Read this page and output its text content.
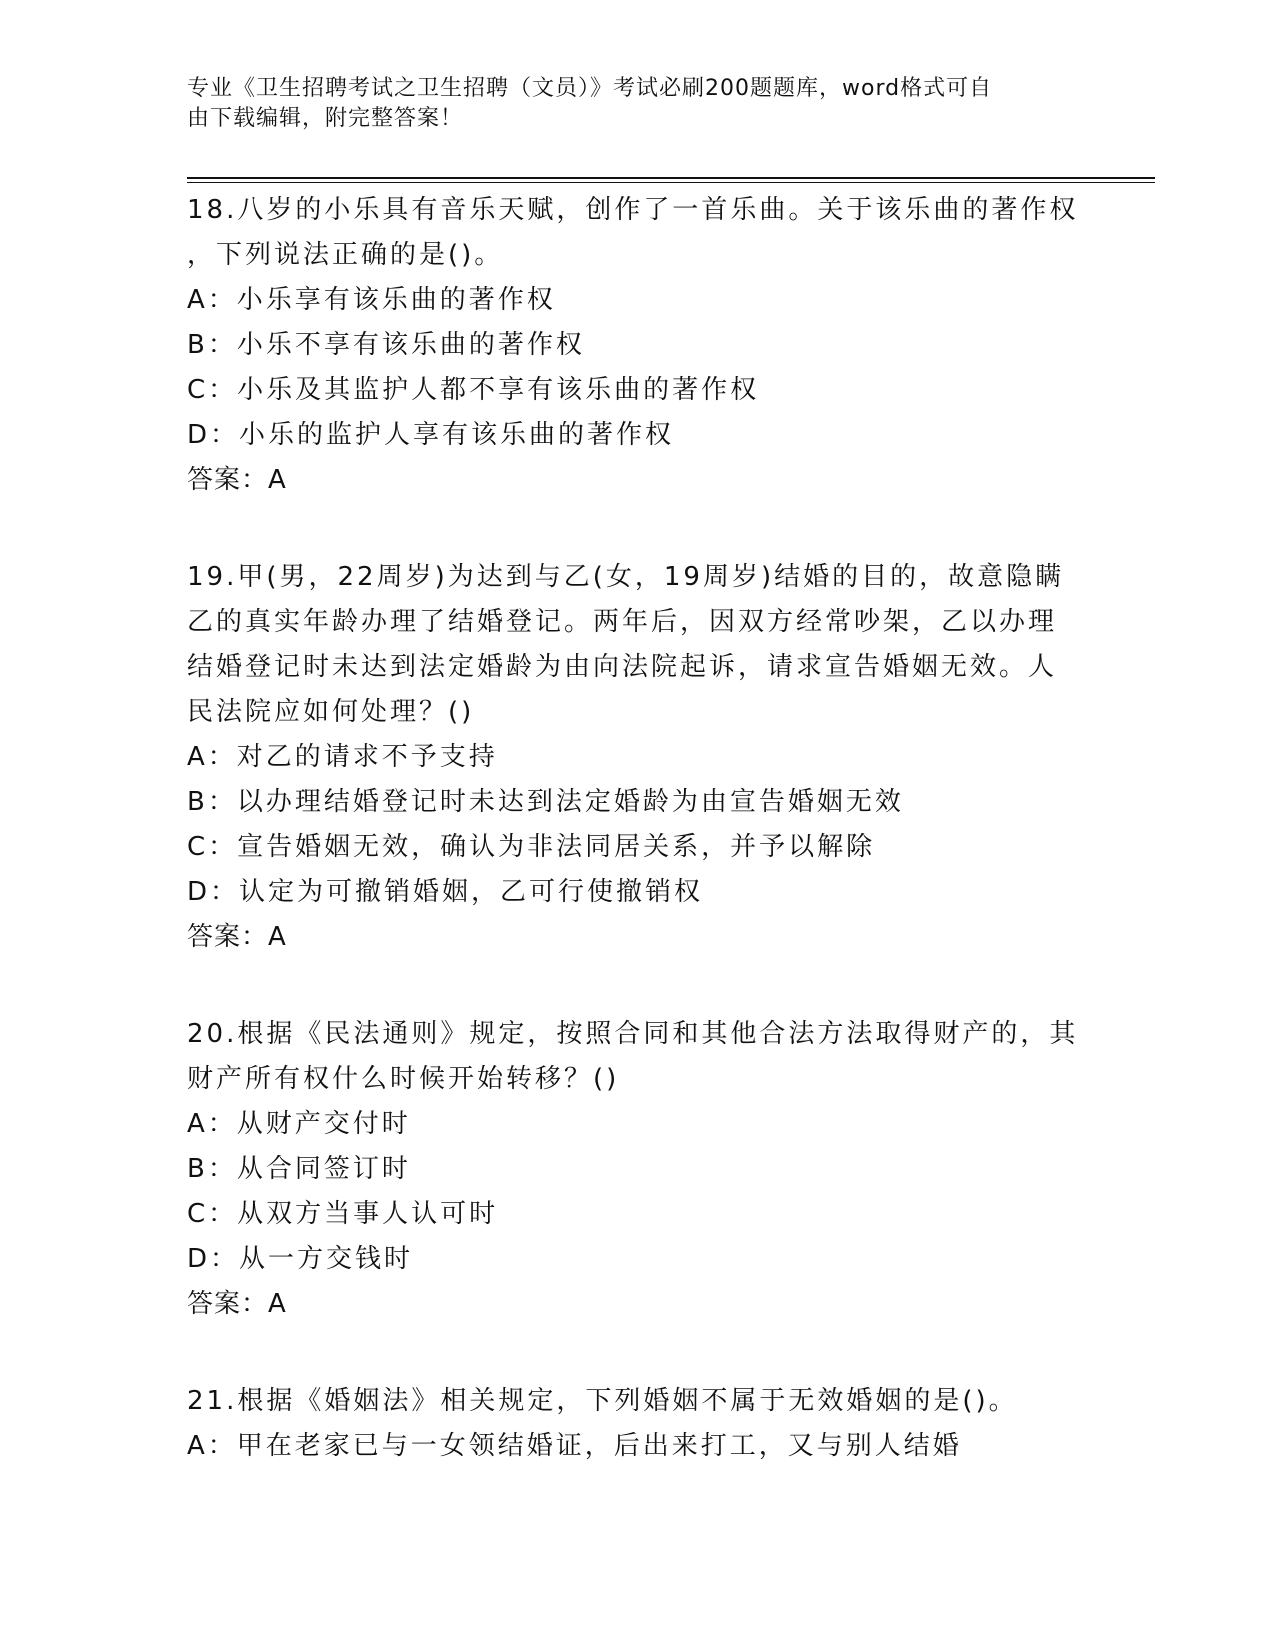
专业《卫生招聘考试之卫生招聘（文员）》考试必刷200题题库，word格式可自
由下载编辑，附完整答案！

18.八岁的小乐具有音乐天赋，创作了一首乐曲。关于该乐曲的著作权

，下列说法正确的是()。

A：小乐享有该乐曲的著作权

B：小乐不享有该乐曲的著作权

C：小乐及其监护人都不享有该乐曲的著作权

D：小乐的监护人享有该乐曲的著作权

答案：A

19.甲(男，22周岁)为达到与乙(女，19周岁)结婚的目的，故意隐瞒

乙的真实年龄办理了结婚登记。两年后，因双方经常吵架，乙以办理

结婚登记时未达到法定婚龄为由向法院起诉，请求宣告婚姻无效。人

民法院应如何处理？()

A：对乙的请求不予支持

B：以办理结婚登记时未达到法定婚龄为由宣告婚姻无效

C：宣告婚姻无效，确认为非法同居关系，并予以解除

D：认定为可撤销婚姻，乙可行使撤销权

答案：A

20.根据《民法通则》规定，按照合同和其他合法方法取得财产的，其

财产所有权什么时候开始转移？()

A：从财产交付时

B：从合同签订时

C：从双方当事人认可时

D：从一方交钱时

答案：A

21.根据《婚姻法》相关规定，下列婚姻不属于无效婚姻的是()。

A：甲在老家已与一女领结婚证，后出来打工，又与别人结婚
